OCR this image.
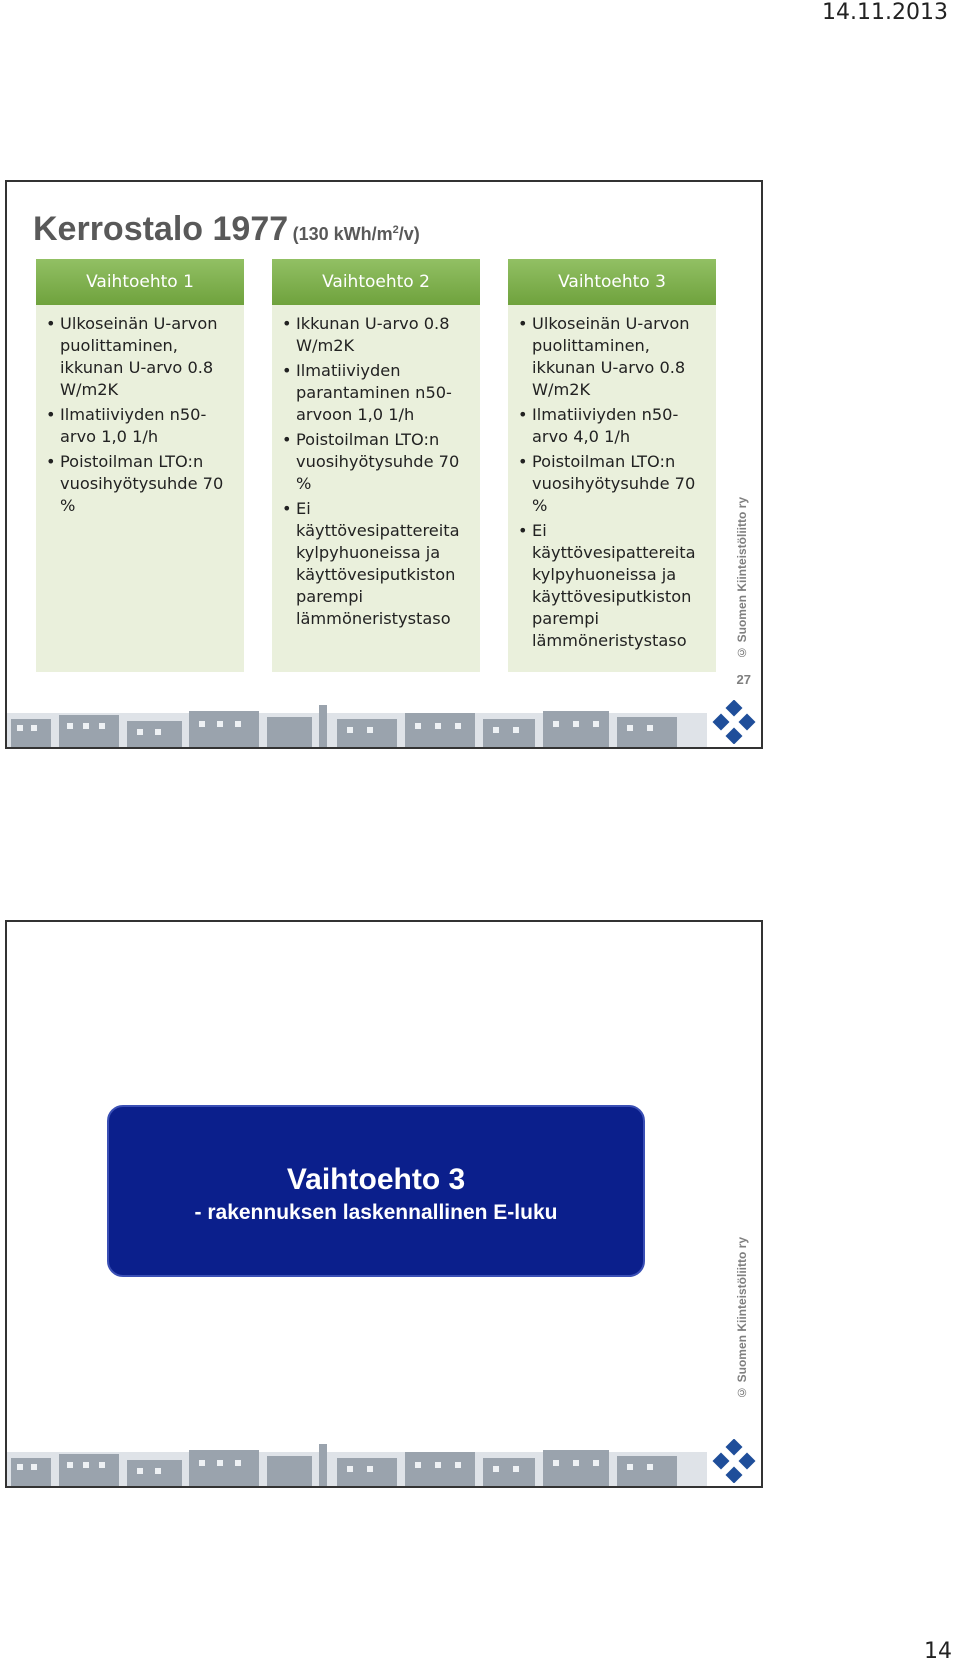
14.11.2013
Kerrostalo 1977 (130 kWh/$m^2/v$)
Vaihtoehto 1
• Ulkoseinän U-arvon puolittaminen, ikkunan U-arvo 0.8 W/m2K
• Ilmatiiviyden n50-arvo 1,0 1/h
• Poistoilman LTO:n vuosihyötysuhde 70 %
Vaihtoehto 2
• Ikkunan U-arvo 0.8 W/m2K
• Ilmatiiviyden parantaminen n50-arvoon 1,0 1/h
• Poistoilman LTO:n vuosihyötysuhde 70 %
• Ei käyttövesipattereita kylpyhuoneissa ja käyttövesiputkiston parempi lämmöneristystaso
Vaihtoehto 3
• Ulkoseinän U-arvon puolittaminen, ikkunan U-arvo 0.8 W/m2K
• Ilmatiiviyden n50-arvo 4,0 1/h
• Poistoilman LTO:n vuosihyötysuhde 70 %
• Ei käyttövesipattereita kylpyhuoneissa ja käyttövesiputkiston parempi lämmöneristystaso	© Suomen Kiinteistöliitto ry
27
Vaihtoehto 3
- rakennuksen laskennallinen E-luku
© Suomen Kiinteistöliitto ry
14
